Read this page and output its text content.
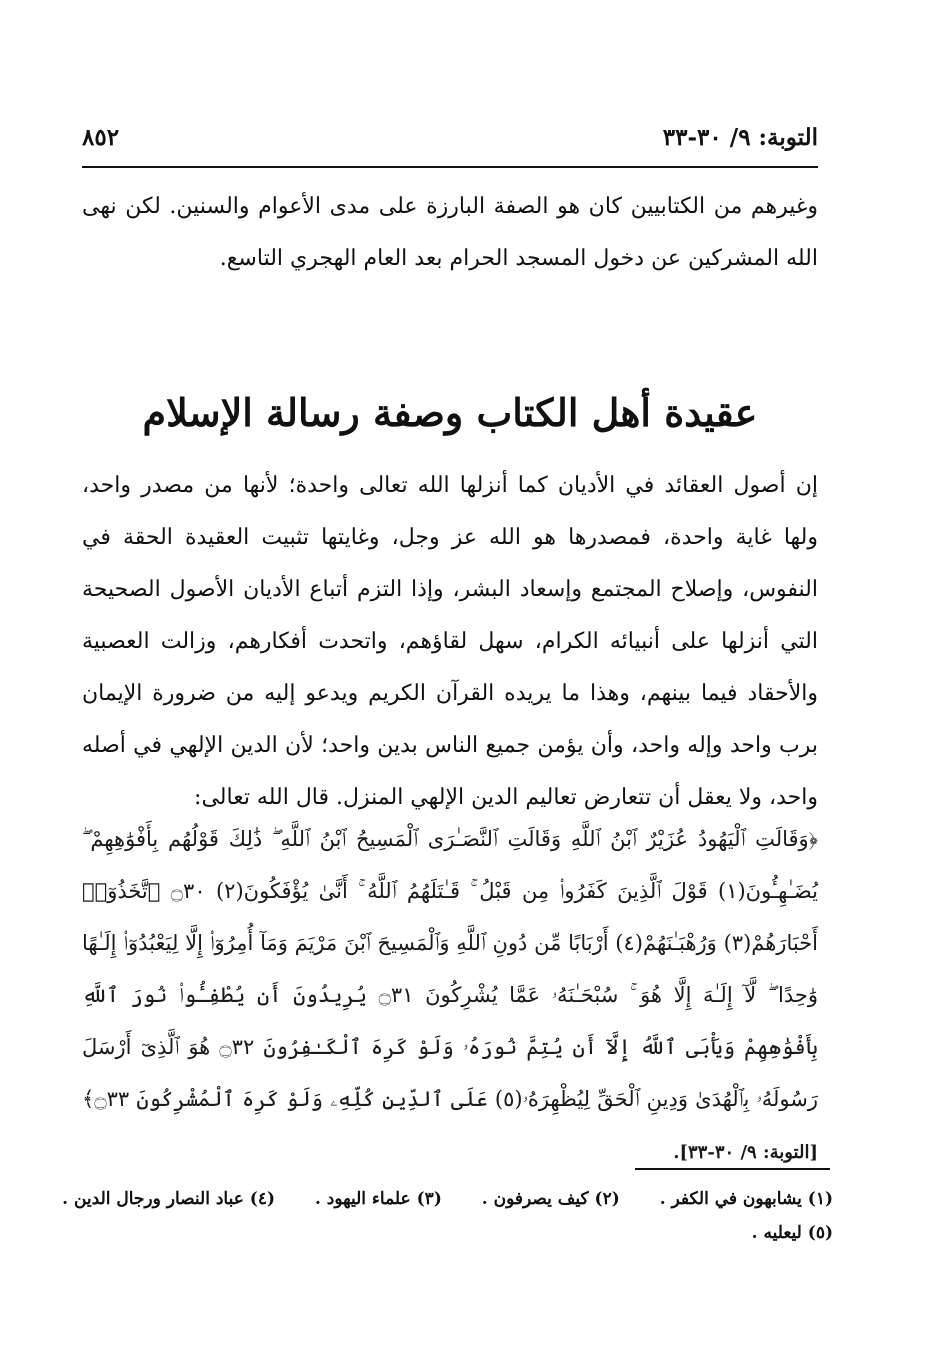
التوبة: ٩/ ٣٠-٣٣
٨٥٢

وغيرهم من الكتابيين كان هو الصفة البارزة على مدى الأعوام والسنين. لكن نهى الله المشركين عن دخول المسجد الحرام بعد العام الهجري التاسع.

عقيدة أهل الكتاب وصفة رسالة الإسلام

إن أصول العقائد في الأديان كما أنزلها الله تعالى واحدة؛ لأنها من مصدر واحد، ولها غاية واحدة، فمصدرها هو الله عز وجل، وغايتها تثبيت العقيدة الحقة في النفوس، وإصلاح المجتمع وإسعاد البشر، وإذا التزم أتباع الأديان الأصول الصحيحة التي أنزلها على أنبيائه الكرام، سهل لقاؤهم، واتحدت أفكارهم، وزالت العصبية والأحقاد فيما بينهم، وهذا ما يريده القرآن الكريم ويدعو إليه من ضرورة الإيمان برب واحد وإله واحد، وأن يؤمن جميع الناس بدين واحد؛ لأن الدين الإلهي في أصله واحد، ولا يعقل أن تتعارض تعاليم الدين الإلهي المنزل. قال الله تعالى:

﴿وَقَالَتِ ٱلْيَهُودُ عُزَيْرٌ ٱبْنُ ٱللَّهِ وَقَالَتِ ٱلنَّصَـٰرَى ٱلْمَسِيحُ ٱبْنُ ٱللَّهِ ۖ ذَٰلِكَ قَوْلُهُم بِأَفْوَٰهِهِمْ ۖ يُضَـٰهِـُٔونَ(١) قَوْلَ ٱلَّذِينَ كَفَرُوا۟ مِن قَبْلُ ۚ قَـٰتَلَهُمُ ٱللَّهُ ۚ أَنَّىٰ يُؤْفَكُونَ(٢) ۝٣٠ ٱتَّخَذُوٓا۟ أَحْبَارَهُمْ(٣) وَرُهْبَـٰنَهُمْ(٤) أَرْبَابًا مِّن دُونِ ٱللَّهِ وَٱلْمَسِيحَ ٱبْنَ مَرْيَمَ وَمَآ أُمِرُوٓا۟ إِلَّا لِيَعْبُدُوٓا۟ إِلَـٰهًا وَٰحِدًا ۖ لَّآ إِلَـٰهَ إِلَّا هُوَ ۚ سُبْحَـٰنَهُۥ عَمَّا يُشْرِكُونَ ۝٣١ يُرِيدُونَ أَن يُطْفِـُٔوا۟ نُورَ ٱللَّهِ بِأَفْوَٰهِهِمْ وَيَأْبَى ٱللَّهُ إِلَّآ أَن يُتِمَّ نُورَهُۥ وَلَوْ كَرِهَ ٱلْكَـٰفِرُونَ ۝٣٢ هُوَ ٱلَّذِىٓ أَرْسَلَ رَسُولَهُۥ بِٱلْهُدَىٰ وَدِينِ ٱلْحَقِّ لِيُظْهِرَهُۥ(٥) عَلَى ٱلدِّينِ كُلِّهِۦ وَلَوْ كَرِهَ ٱلْمُشْرِكُونَ ۝٣٣﴾ [التوبة: ٩/ ٣٠-٣٣].

(١) يشابهون في الكفر . (٢) كيف يصرفون . (٣) علماء اليهود . (٤) عباد النصار ورجال الدين .
(٥) ليعليه .
